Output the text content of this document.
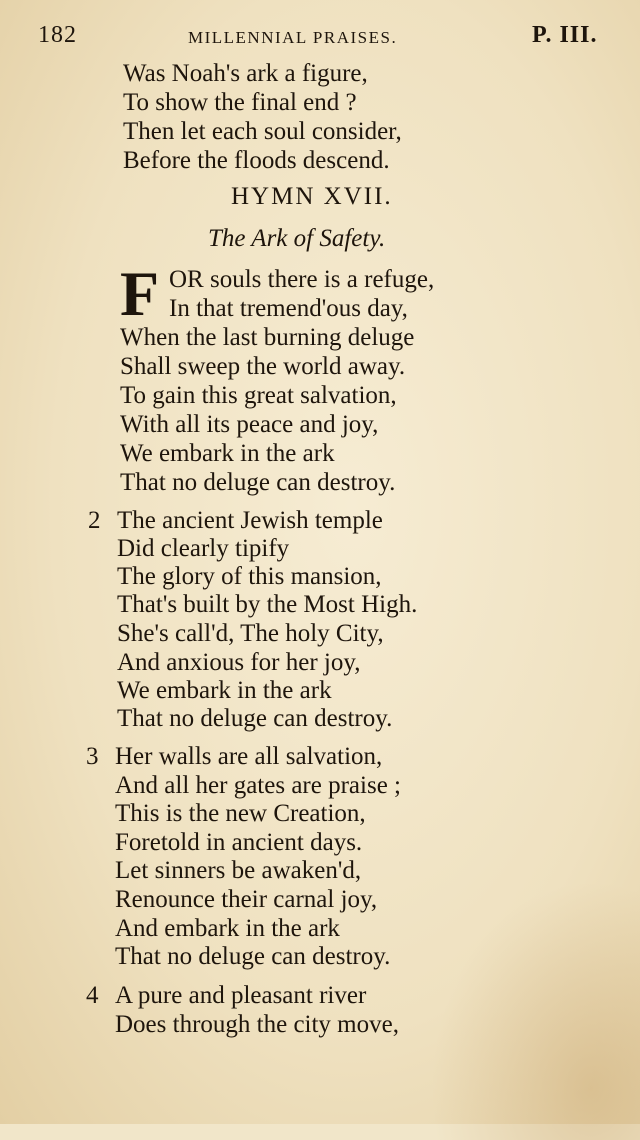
182	MILLENNIAL PRAISES.	P. III.
Was Noah's ark a figure,
To show the final end ?
Then let each soul consider,
Before the floods descend.
HYMN XVII.
The Ark of Safety.
F OR souls there is a refuge,
In that tremend'ous day,
When the last burning deluge
Shall sweep the world away.
To gain this great salvation,
With all its peace and joy,
We embark in the ark
That no deluge can destroy.
2 The ancient Jewish temple
Did clearly tipify
The glory of this mansion,
That's built by the Most High.
She's call'd, The holy City,
And anxious for her joy,
We embark in the ark
That no deluge can destroy.
3 Her walls are all salvation,
And all her gates are praise ;
This is the new Creation,
Foretold in ancient days.
Let sinners be awaken'd,
Renounce their carnal joy,
And embark in the ark
That no deluge can destroy.
4 A pure and pleasant river
Does through the city move,
